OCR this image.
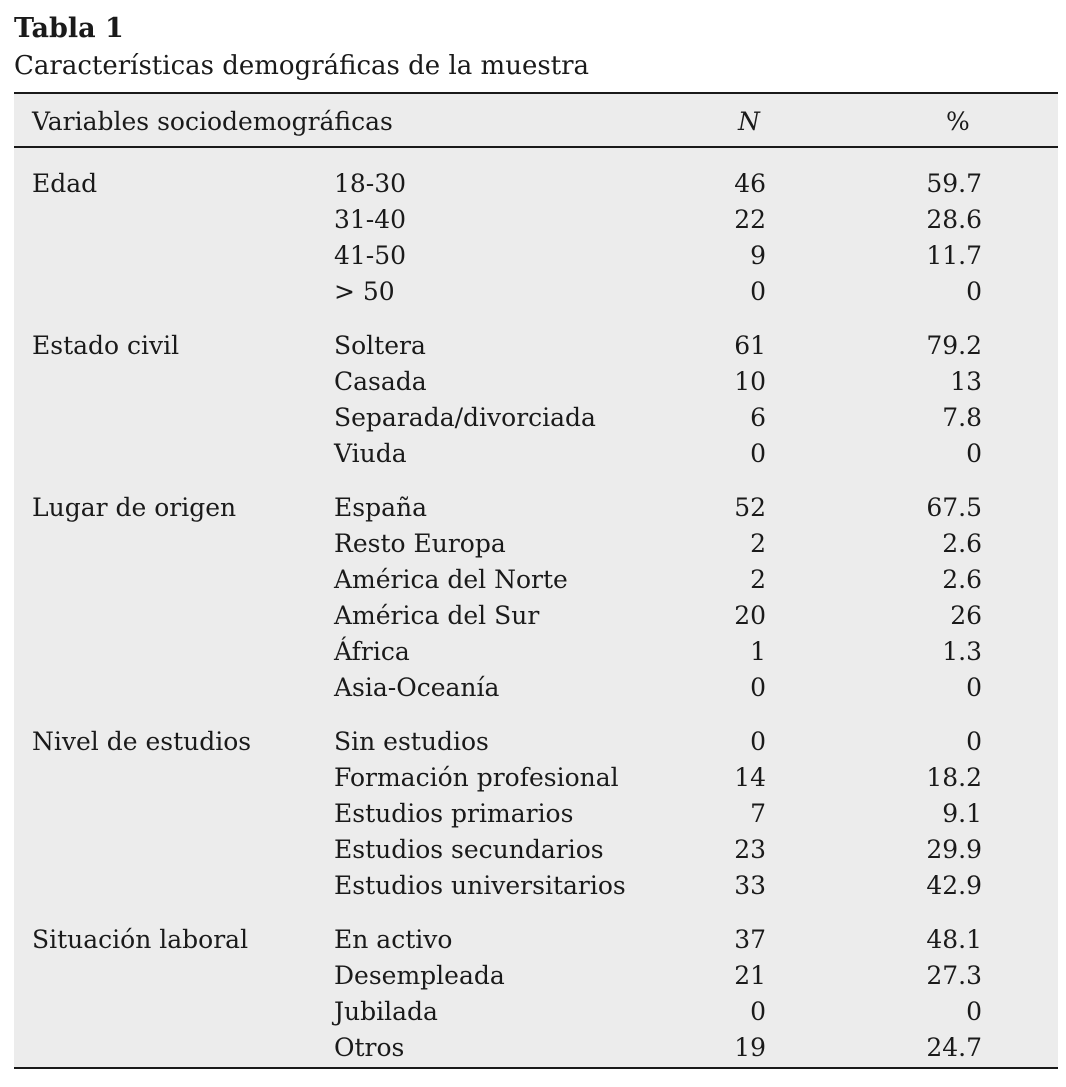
Tabla 1
Características demográficas de la muestra
Variables sociodemográficas	N	%
Edad	18-30	46	59.7
31-40	22	28.6
41-50	9	11.7
> 50	0	0
Estado civil	Soltera	61	79.2
Casada	10	13
Separada/divorciada	6	7.8
Viuda	0	0
Lugar de origen	España	52	67.5
Resto Europa	2	2.6
América del Norte	2	2.6
América del Sur	20	26
África	1	1.3
Asia-Oceanía	0	0
Nivel de estudios	Sin estudios	0	0
Formación profesional	14	18.2
Estudios primarios	7	9.1
Estudios secundarios	23	29.9
Estudios universitarios	33	42.9
Situación laboral	En activo	37	48.1
Desempleada	21	27.3
Jubilada	0	0
Otros	19	24.7
